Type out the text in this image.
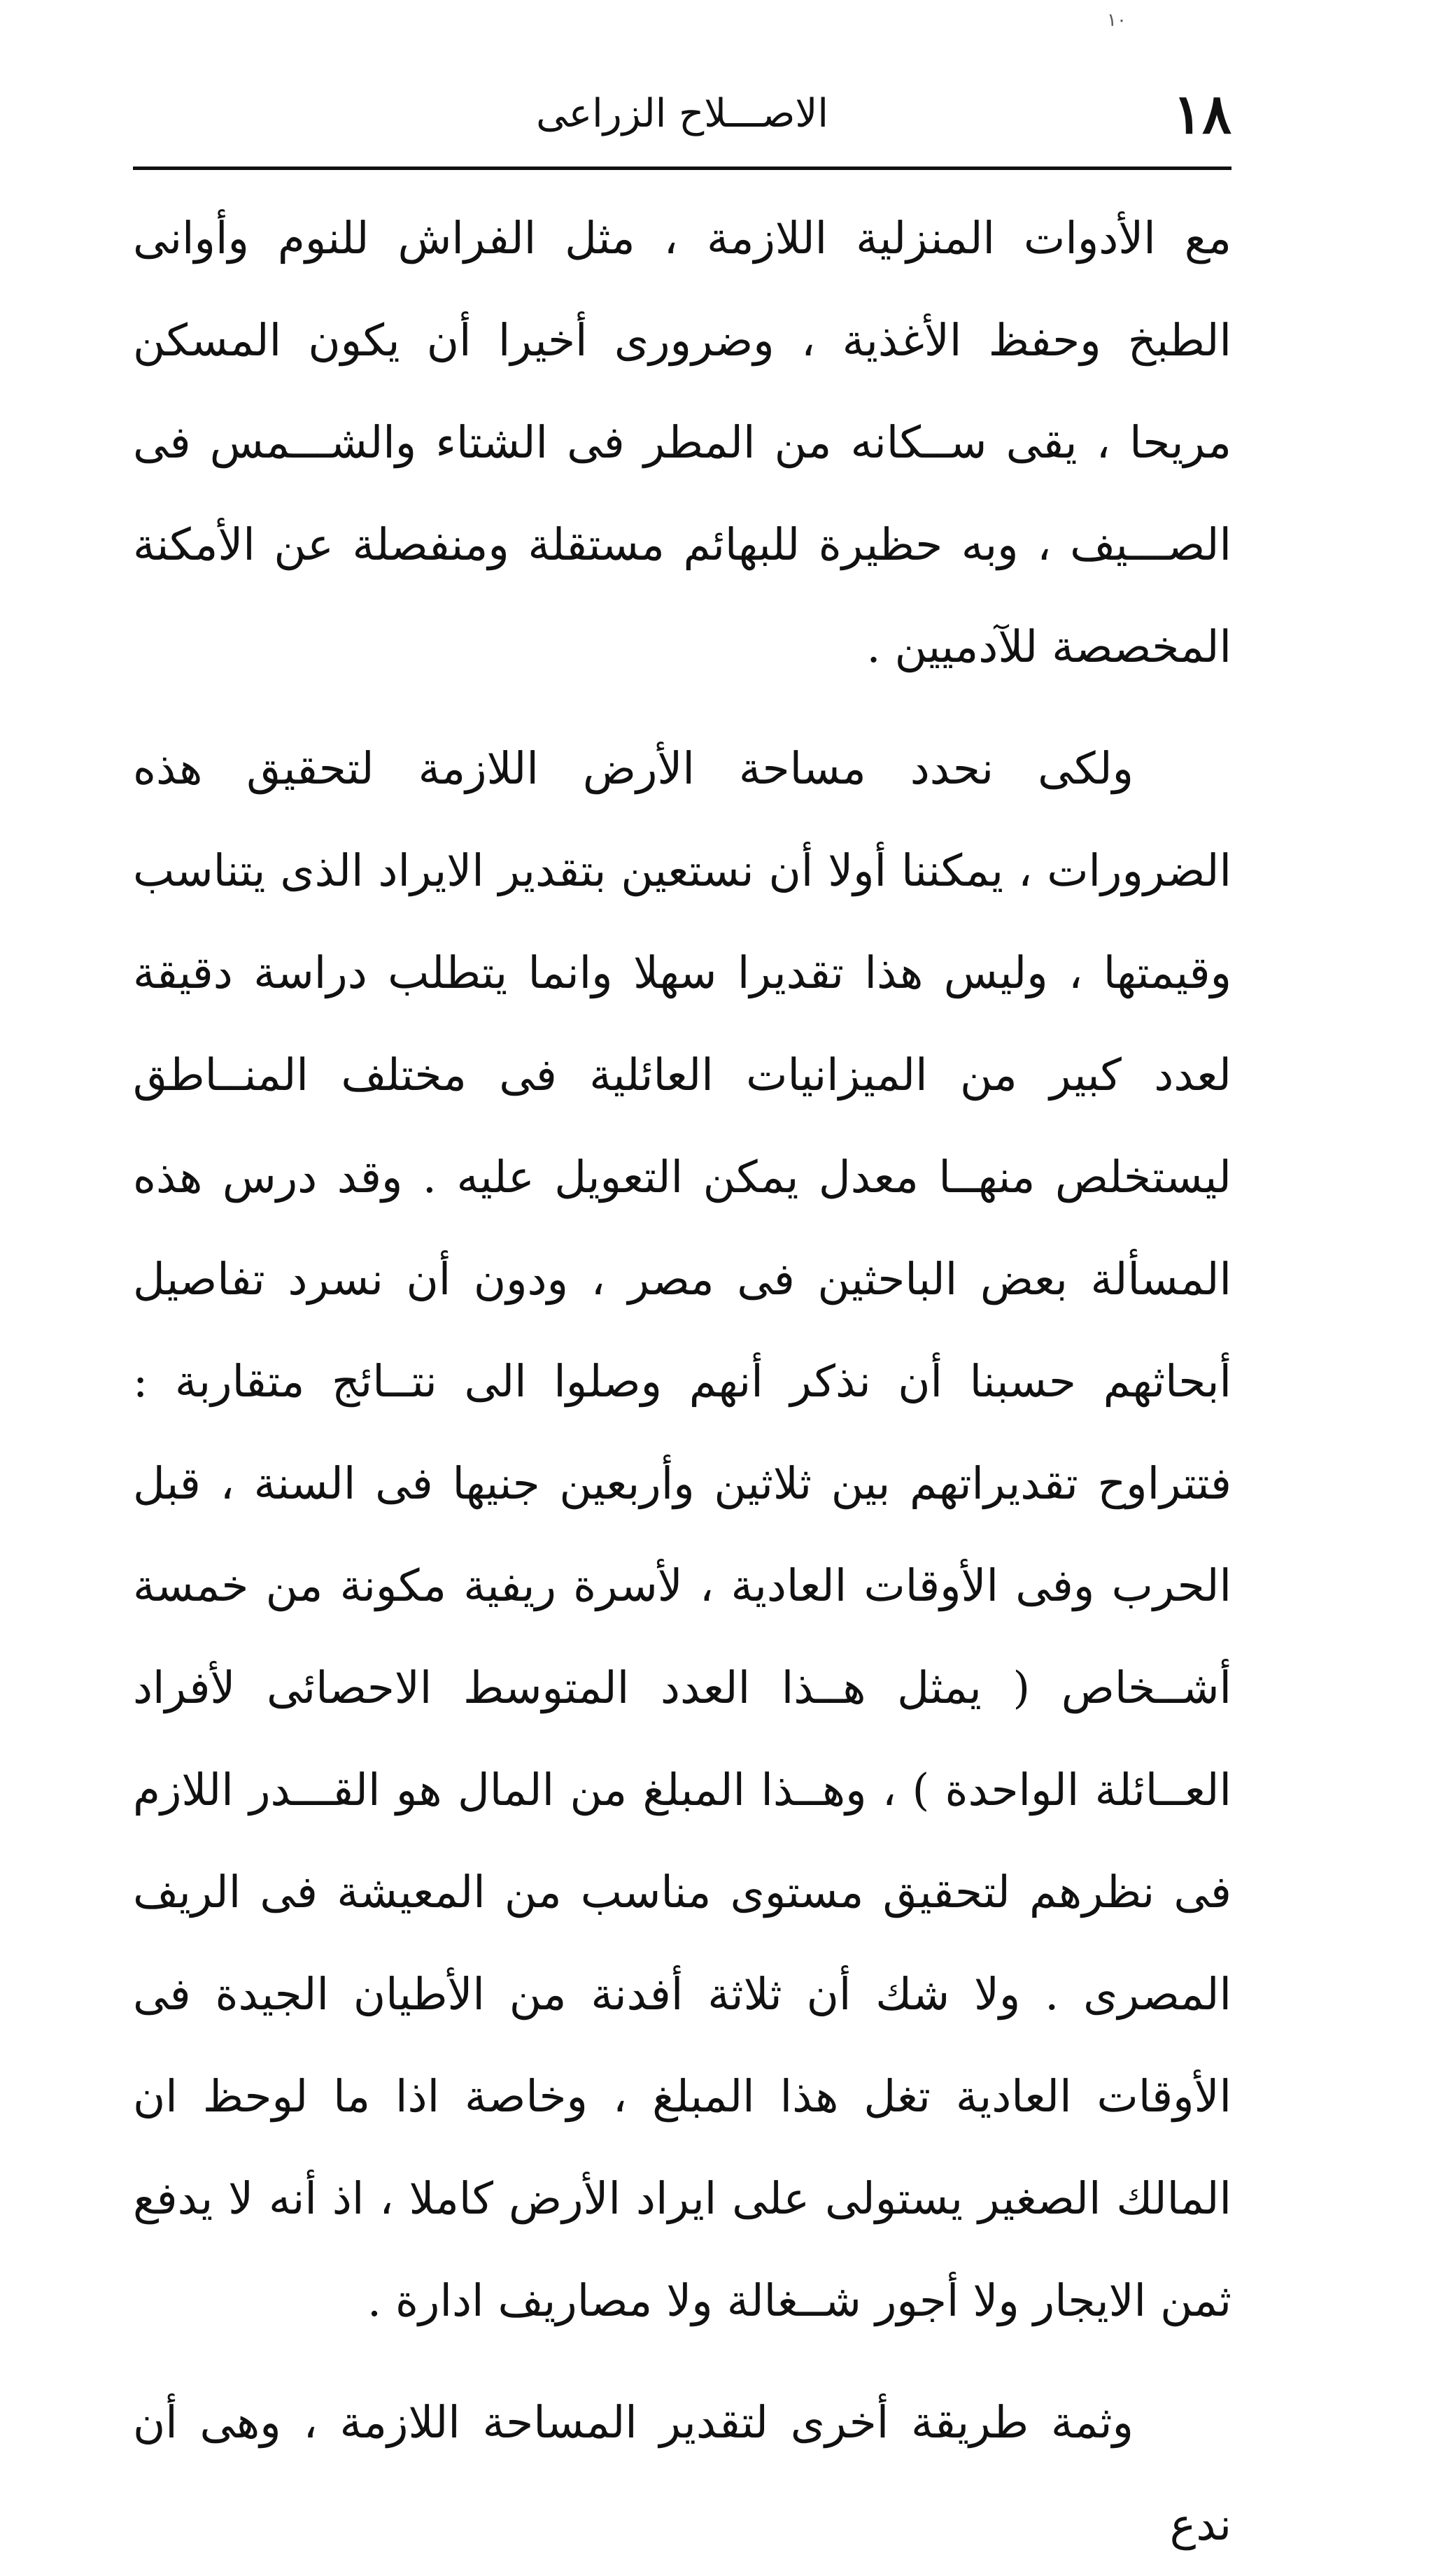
١٠
١٨
الاصـــلاح الزراعى

مع الأدوات المنزلية اللازمة ، مثل الفراش للنوم وأوانى الطبخ وحفظ الأغذية ، وضرورى أخيرا أن يكون المسكن مريحا ، يقى ســكانه من المطر فى الشتاء والشـــمس فى الصـــيف ، وبه حظيرة للبهائم مستقلة ومنفصلة عن الأمكنة المخصصة للآدميين .

ولكى نحدد مساحة الأرض اللازمة لتحقيق هذه الضرورات ، يمكننا أولا أن نستعين بتقدير الايراد الذى يتناسب وقيمتها ، وليس هذا تقديرا سهلا وانما يتطلب دراسة دقيقة لعدد كبير من الميزانيات العائلية فى مختلف المنــاطق ليستخلص منهــا معدل يمكن التعويل عليه . وقد درس هذه المسألة بعض الباحثين فى مصر ، ودون أن نسرد تفاصيل أبحاثهم حسبنا أن نذكر أنهم وصلوا الى نتــائج متقاربة : فتتراوح تقديراتهم بين ثلاثين وأربعين جنيها فى السنة ، قبل الحرب وفى الأوقات العادية ، لأسرة ريفية مكونة من خمسة أشــخاص ( يمثل هــذا العدد المتوسط الاحصائى لأفراد العــائلة الواحدة ) ، وهــذا المبلغ من المال هو القـــدر اللازم فى نظرهم لتحقيق مستوى مناسب من المعيشة فى الريف المصرى . ولا شك أن ثلاثة أفدنة من الأطيان الجيدة فى الأوقات العادية تغل هذا المبلغ ، وخاصة اذا ما لوحظ ان المالك الصغير يستولى على ايراد الأرض كاملا ، اذ أنه لا يدفع ثمن الايجار ولا أجور شــغالة ولا مصاريف ادارة .

وثمة طريقة أخرى لتقدير المساحة اللازمة ، وهى أن ندع
